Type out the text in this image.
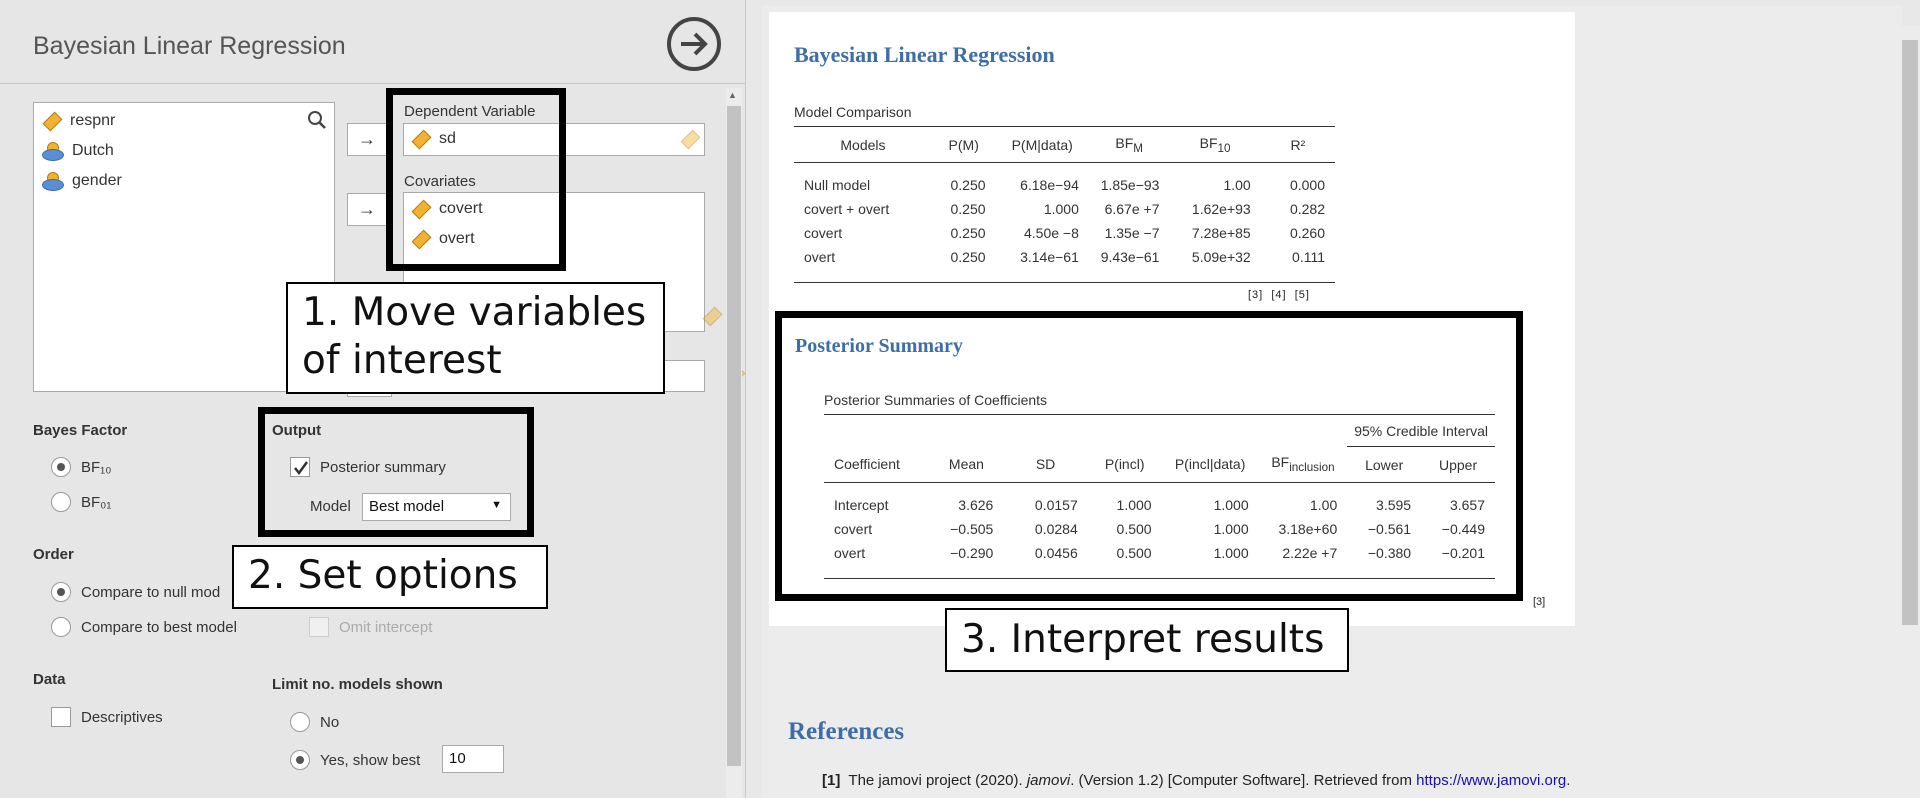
Bayesian Linear Regression
respnr
Dutch
gender
→
→
Dependent Variable
sd

Covariates
covert
overt

1. Move variables of interest
Bayes Factor
BF₁₀
BF₀₁
Output
Posterior summary
Model	Best model	▼
Order
Compare to null mod
Compare to best model	Omit intercept
2. Set options
Data
Descriptives
Limit no. models shown
No
Yes, show best	10
▲
Bayesian Linear Regression
Model Comparison
Models	P(M)	P(M|data)	$BF_M$	$BF_{10}$	R²
Null model	0.250	6.18e−94	1.85e−93	1.00	0.000
covert + overt	0.250	1.000	6.67e +7	1.62e+93	0.282
covert	0.250	4.50e −8	1.35e −7	7.28e+85	0.260
overt	0.250	3.14e−61	9.43e−61	5.09e+32	0.111

[3] [4] [5]
Posterior Summary
Posterior Summaries of Coefficients
						95% Credible Interval	
Coefficient	Mean	SD	P(incl)	P(incl|data)	$BF_{inclusion}$	Lower	Upper
Intercept	3.626	0.0157	1.000	1.000	1.00	3.595	3.657
covert	−0.505	0.0284	0.500	1.000	3.18e+60	−0.561	−0.449
overt	−0.290	0.0456	0.500	1.000	2.22e +7	−0.380	−0.201

[3]
3. Interpret results
References
[1] The jamovi project (2020). jamovi. (Version 1.2) [Computer Software]. Retrieved from https://www.jamovi.org.
